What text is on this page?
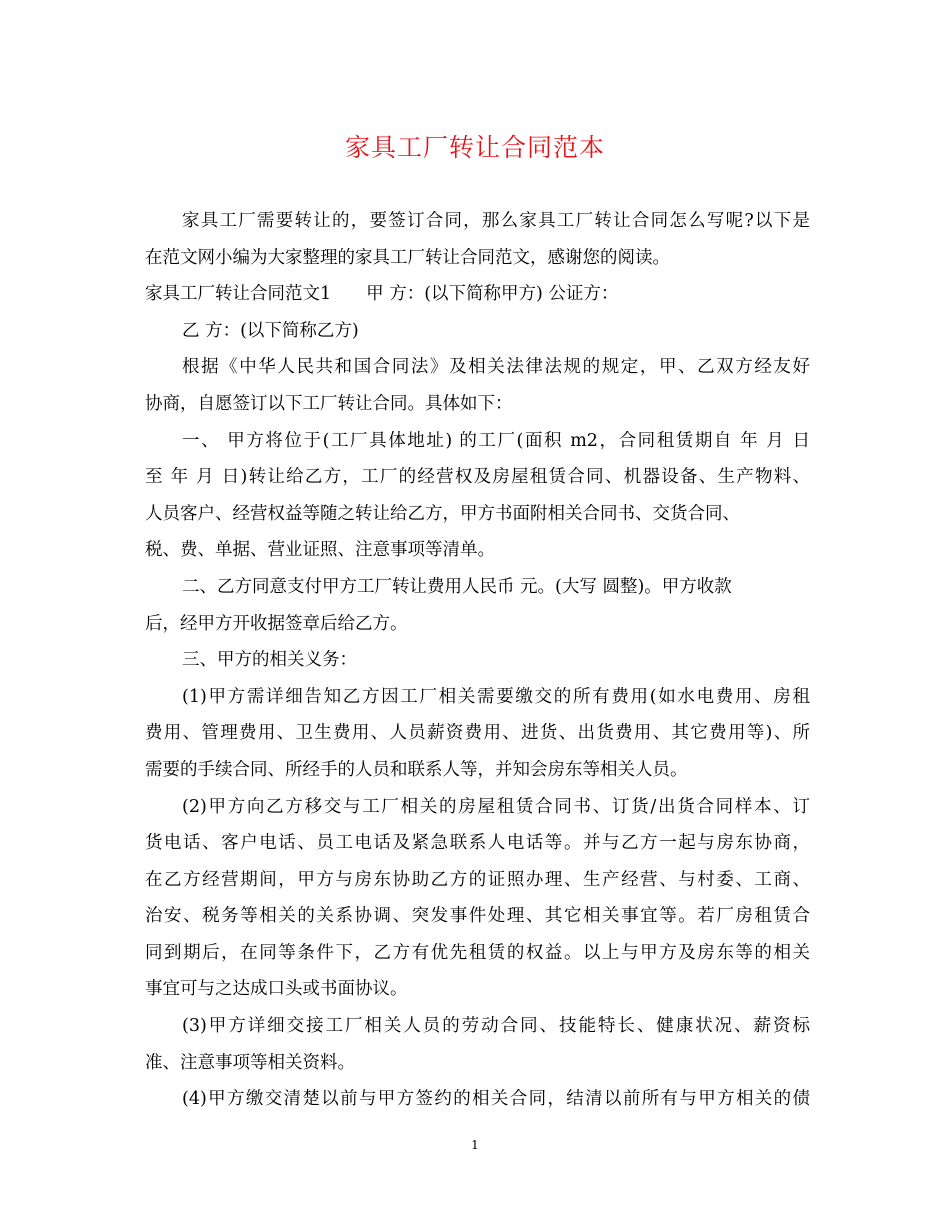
家具工厂转让合同范本
家具工厂需要转让的，要签订合同，那么家具工厂转让合同怎么写呢?以下是
在范文网小编为大家整理的家具工厂转让合同范文，感谢您的阅读。
家具工厂转让合同范文1　　甲 方：(以下简称甲方) 公证方：
乙 方：(以下简称乙方)
根据《中华人民共和国合同法》及相关法律法规的规定，甲、乙双方经友好
协商，自愿签订以下工厂转让合同。具体如下：
一、 甲方将位于(工厂具体地址) 的工厂(面积 m2，合同租赁期自 年 月 日
至 年 月 日)转让给乙方，工厂的经营权及房屋租赁合同、机器设备、生产物料、
人员客户、经营权益等随之转让给乙方，甲方书面附相关合同书、交货合同、
税、费、单据、营业证照、注意事项等清单。
二、乙方同意支付甲方工厂转让费用人民币 元。(大写 圆整)。甲方收款
后，经甲方开收据签章后给乙方。
三、甲方的相关义务：
(1)甲方需详细告知乙方因工厂相关需要缴交的所有费用(如水电费用、房租
费用、管理费用、卫生费用、人员薪资费用、进货、出货费用、其它费用等)、所
需要的手续合同、所经手的人员和联系人等，并知会房东等相关人员。
(2)甲方向乙方移交与工厂相关的房屋租赁合同书、订货/出货合同样本、订
货电话、客户电话、员工电话及紧急联系人电话等。并与乙方一起与房东协商，
在乙方经营期间，甲方与房东协助乙方的证照办理、生产经营、与村委、工商、
治安、税务等相关的关系协调、突发事件处理、其它相关事宜等。若厂房租赁合
同到期后，在同等条件下，乙方有优先租赁的权益。以上与甲方及房东等的相关
事宜可与之达成口头或书面协议。
(3)甲方详细交接工厂相关人员的劳动合同、技能特长、健康状况、薪资标
准、注意事项等相关资料。
(4)甲方缴交清楚以前与甲方签约的相关合同，结清以前所有与甲方相关的债
1
